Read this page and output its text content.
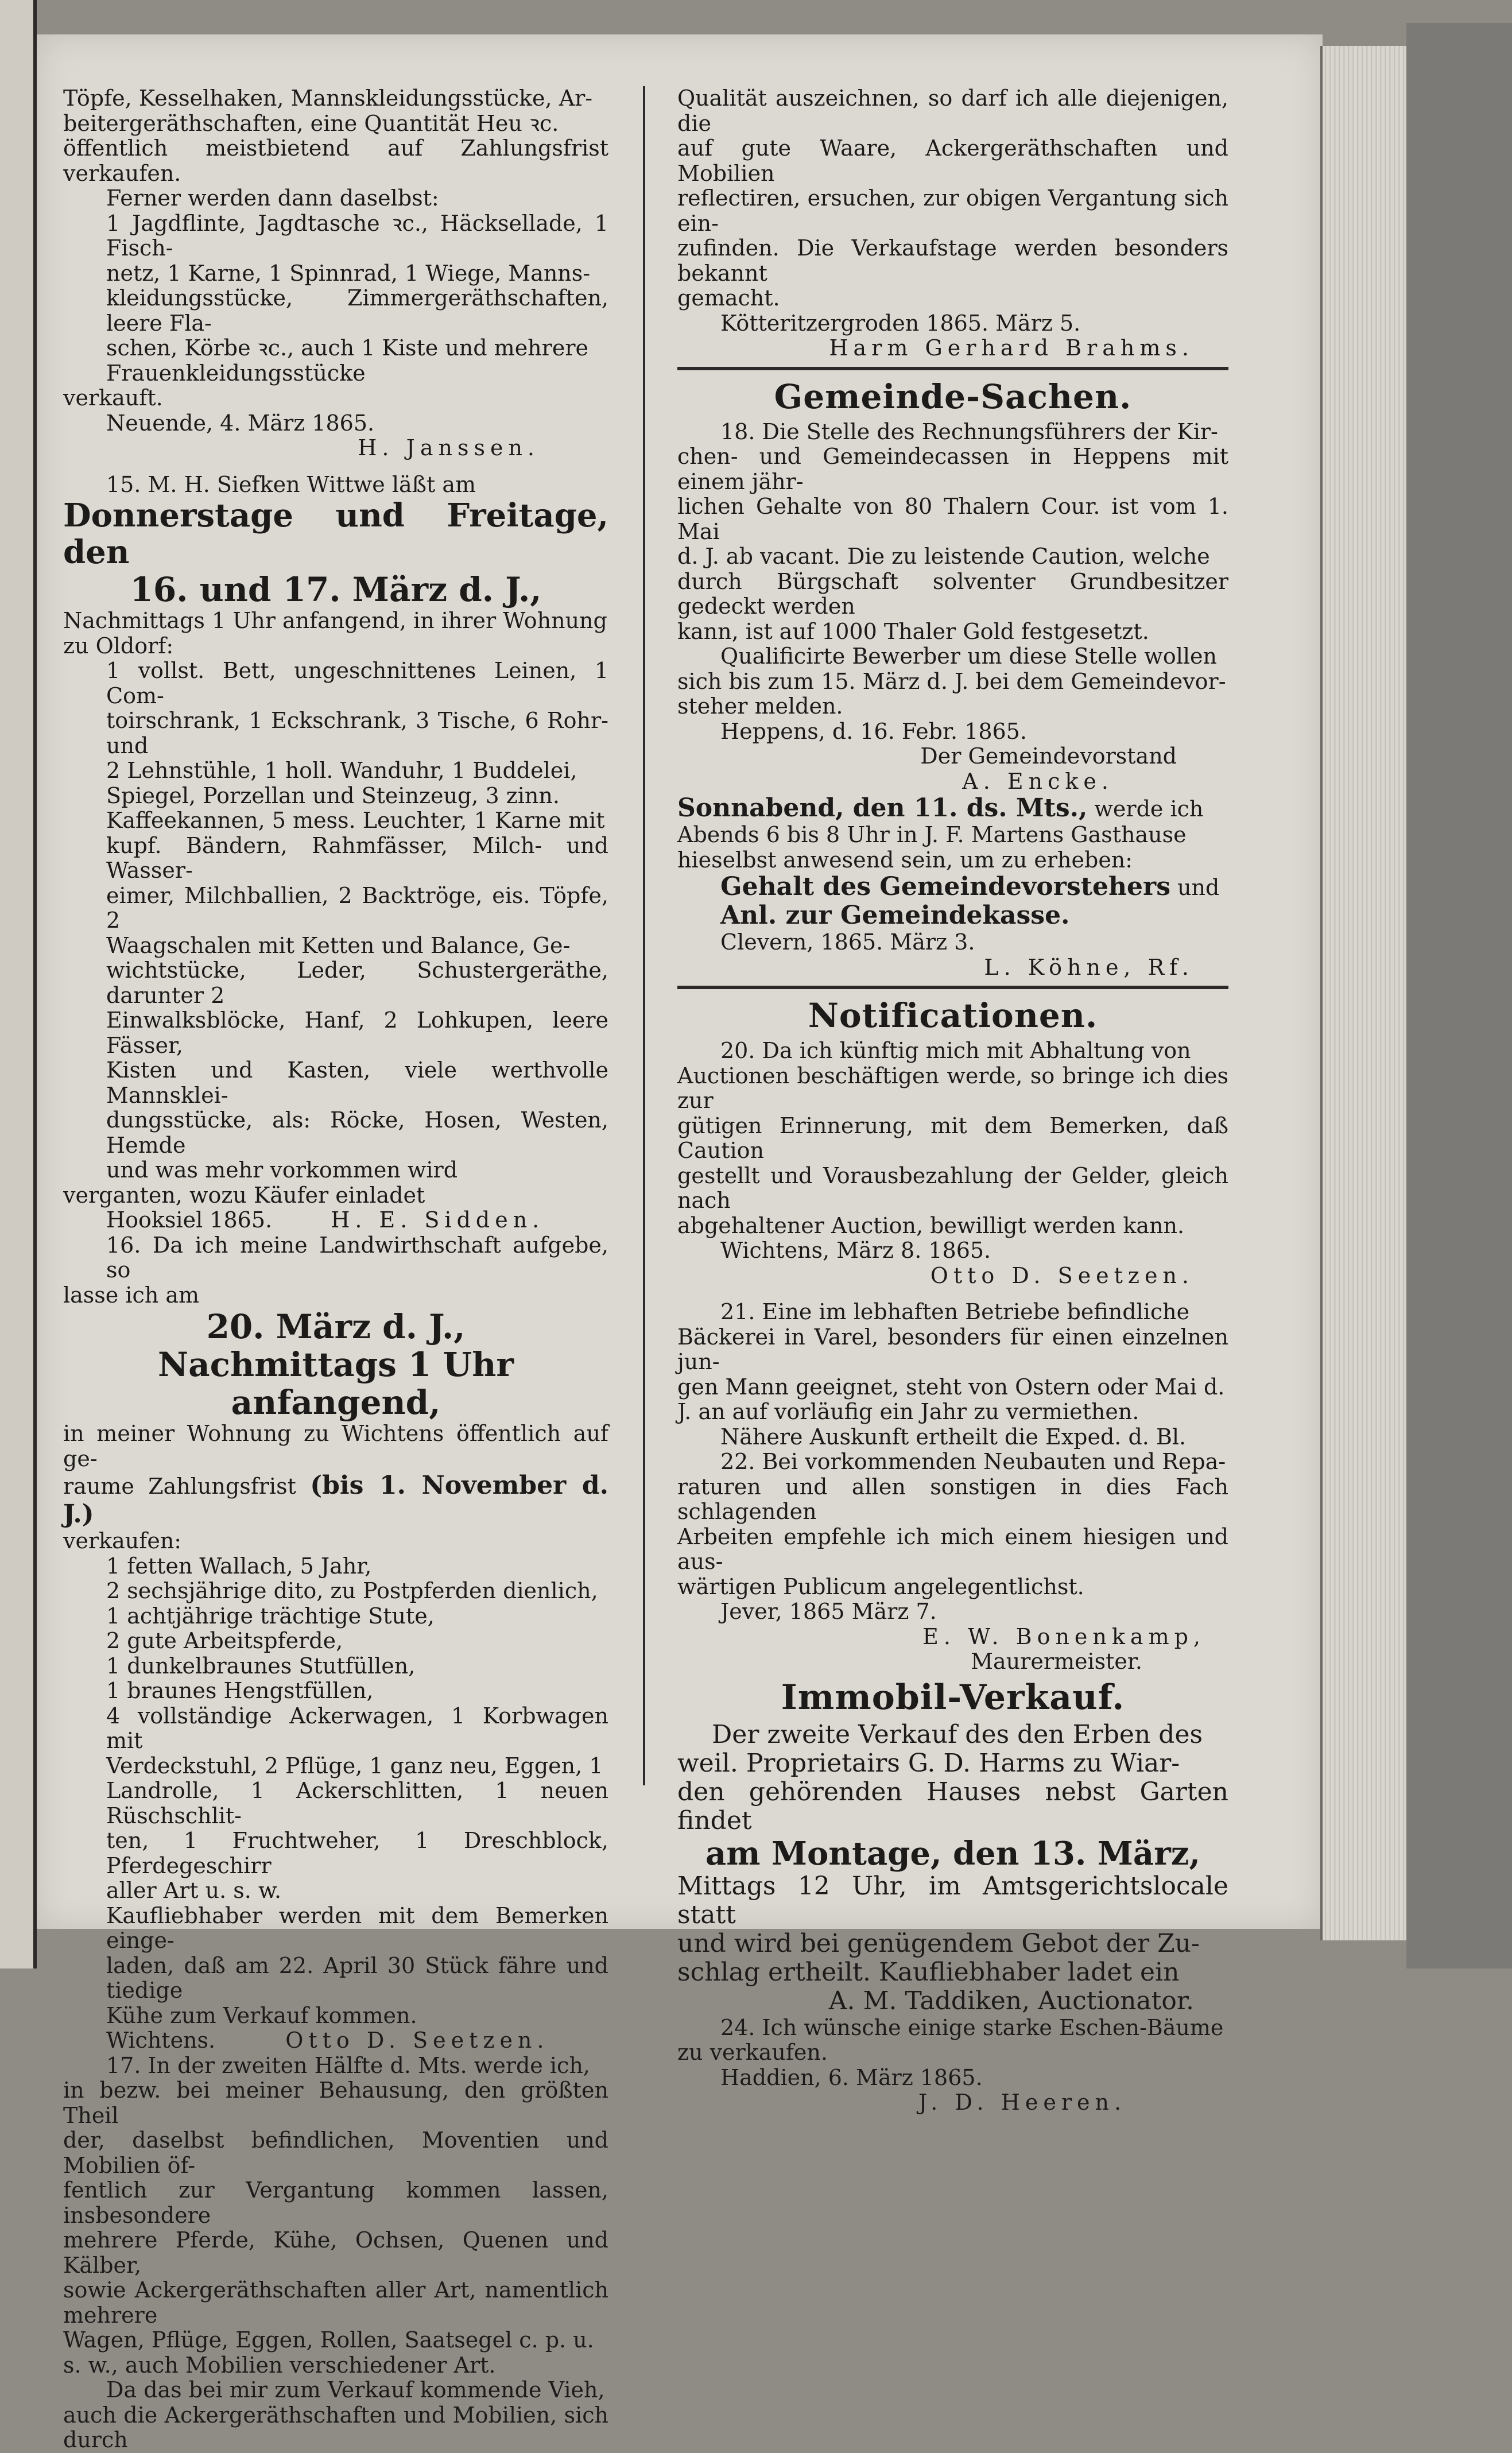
Töpfe, Kesselhaken, Mannskleidungsstücke, Ar-

beitergeräthschaften, eine Quantität Heu ꝛc.

öffentlich meistbietend auf Zahlungsfrist verkaufen.

Ferner werden dann daselbst:

1 Jagdflinte, Jagdtasche ꝛc., Häcksellade, 1 Fisch-

netz, 1 Karne, 1 Spinnrad, 1 Wiege, Manns-

kleidungsstücke, Zimmergeräthschaften, leere Fla-

schen, Körbe ꝛc., auch 1 Kiste und mehrere

Frauenkleidungsstücke

verkauft.

Neuende, 4. März 1865.

H. Janssen.

15. M. H. Siefken Wittwe läßt am

Donnerstage und Freitage, den

16. und 17. März d. J.,

Nachmittags 1 Uhr anfangend, in ihrer Wohnung

zu Oldorf:

1 vollst. Bett, ungeschnittenes Leinen, 1 Com-

toirschrank, 1 Eckschrank, 3 Tische, 6 Rohr- und

2 Lehnstühle, 1 holl. Wanduhr, 1 Buddelei,

Spiegel, Porzellan und Steinzeug, 3 zinn.

Kaffeekannen, 5 mess. Leuchter, 1 Karne mit

kupf. Bändern, Rahmfässer, Milch- und Wasser-

eimer, Milchballien, 2 Backtröge, eis. Töpfe, 2

Waagschalen mit Ketten und Balance, Ge-

wichtstücke, Leder, Schustergeräthe, darunter 2

Einwalksblöcke, Hanf, 2 Lohkupen, leere Fässer,

Kisten und Kasten, viele werthvolle Mannsklei-

dungsstücke, als: Röcke, Hosen, Westen, Hemde

und was mehr vorkommen wird

verganten, wozu Käufer einladet

Hooksiel 1865.	H. E. Sidden.

16. Da ich meine Landwirthschaft aufgebe, so

lasse ich am

20. März d. J.,

Nachmittags 1 Uhr anfangend,

in meiner Wohnung zu Wichtens öffentlich auf ge-

raume Zahlungsfrist (bis 1. November d. J.)

verkaufen:

1 fetten Wallach, 5 Jahr,

2 sechsjährige dito, zu Postpferden dienlich,

1 achtjährige trächtige Stute,

2 gute Arbeitspferde,

1 dunkelbraunes Stutfüllen,

1 braunes Hengstfüllen,

4 vollständige Ackerwagen, 1 Korbwagen mit

Verdeckstuhl, 2 Pflüge, 1 ganz neu, Eggen, 1

Landrolle, 1 Ackerschlitten, 1 neuen Rüschschlit-

ten, 1 Fruchtweher, 1 Dreschblock, Pferdegeschirr

aller Art u. s. w.

Kaufliebhaber werden mit dem Bemerken einge-

laden, daß am 22. April 30 Stück fähre und tiedige

Kühe zum Verkauf kommen.

Wichtens.	Otto D. Seetzen.

17. In der zweiten Hälfte d. Mts. werde ich,

in bezw. bei meiner Behausung, den größten Theil

der, daselbst befindlichen, Moventien und Mobilien öf-

fentlich zur Vergantung kommen lassen, insbesondere

mehrere Pferde, Kühe, Ochsen, Quenen und Kälber,

sowie Ackergeräthschaften aller Art, namentlich mehrere

Wagen, Pflüge, Eggen, Rollen, Saatsegel c. p. u.

s. w., auch Mobilien verschiedener Art.

Da das bei mir zum Verkauf kommende Vieh,

auch die Ackergeräthschaften und Mobilien, sich durch

Qualität auszeichnen, so darf ich alle diejenigen, die

auf gute Waare, Ackergeräthschaften und Mobilien

reflectiren, ersuchen, zur obigen Vergantung sich ein-

zufinden. Die Verkaufstage werden besonders bekannt

gemacht.

Kötteritzergroden 1865. März 5.

Harm Gerhard Brahms.

Gemeinde-Sachen.

18. Die Stelle des Rechnungsführers der Kir-

chen- und Gemeindecassen in Heppens mit einem jähr-

lichen Gehalte von 80 Thalern Cour. ist vom 1. Mai

d. J. ab vacant. Die zu leistende Caution, welche

durch Bürgschaft solventer Grundbesitzer gedeckt werden

kann, ist auf 1000 Thaler Gold festgesetzt.

Qualificirte Bewerber um diese Stelle wollen

sich bis zum 15. März d. J. bei dem Gemeindevor-

steher melden.

Heppens, d. 16. Febr. 1865.

Der Gemeindevorstand

A. Encke.

Sonnabend, den 11. ds. Mts., werde ich

Abends 6 bis 8 Uhr in J. F. Martens Gasthause

hieselbst anwesend sein, um zu erheben:

Gehalt des Gemeindevorstehers und

Anl. zur Gemeindekasse.

Clevern, 1865. März 3.

L. Köhne, Rf.

Notificationen.

20. Da ich künftig mich mit Abhaltung von

Auctionen beschäftigen werde, so bringe ich dies zur

gütigen Erinnerung, mit dem Bemerken, daß Caution

gestellt und Vorausbezahlung der Gelder, gleich nach

abgehaltener Auction, bewilligt werden kann.

Wichtens, März 8. 1865.

Otto D. Seetzen.

21. Eine im lebhaften Betriebe befindliche

Bäckerei in Varel, besonders für einen einzelnen jun-

gen Mann geeignet, steht von Ostern oder Mai d.

J. an auf vorläufig ein Jahr zu vermiethen.

Nähere Auskunft ertheilt die Exped. d. Bl.

22. Bei vorkommenden Neubauten und Repa-

raturen und allen sonstigen in dies Fach schlagenden

Arbeiten empfehle ich mich einem hiesigen und aus-

wärtigen Publicum angelegentlichst.

Jever, 1865 März 7.

E. W. Bonenkamp,

Maurermeister.

Immobil-Verkauf.

Der zweite Verkauf des den Erben des

weil. Proprietairs G. D. Harms zu Wiar-

den gehörenden Hauses nebst Garten findet

am Montage, den 13. März,

Mittags 12 Uhr, im Amtsgerichtslocale statt

und wird bei genügendem Gebot der Zu-

schlag ertheilt. Kaufliebhaber ladet ein

A. M. Taddiken, Auctionator.

24. Ich wünsche einige starke Eschen-Bäume

zu verkaufen.

Haddien, 6. März 1865.

J. D. Heeren.
